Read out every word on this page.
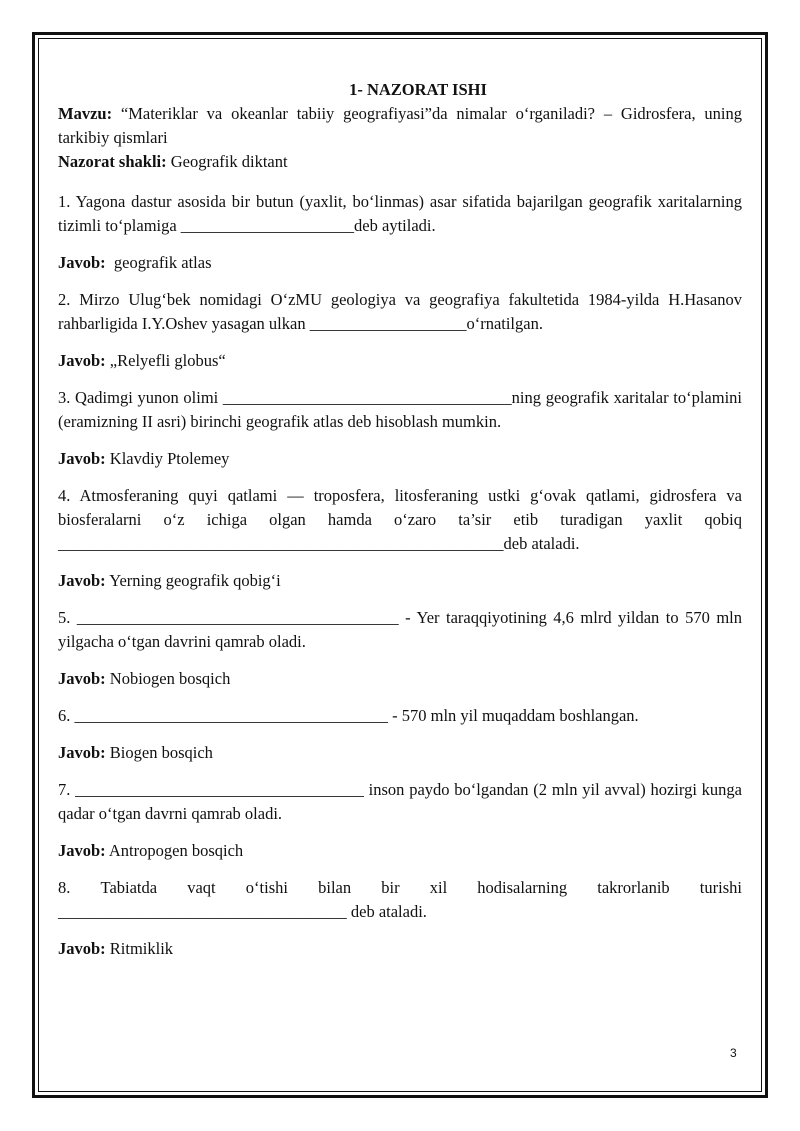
1- NAZORAT ISHI

Mavzu: “Materiklar va okeanlar tabiiy geografiyasi”da nimalar o‘rganiladi? – Gidrosfera, uning tarkibiy qismlari

Nazorat shakli: Geografik diktant

1. Yagona dastur asosida bir butun (yaxlit, bo‘linmas) asar sifatida bajarilgan geografik xaritalarning tizimli to‘plamiga _____________________deb aytiladi.

Javob: geografik atlas

2. Mirzo Ulug‘bek nomidagi O‘zMU geologiya va geografiya fakultetida 1984-yilda H.Hasanov rahbarligida I.Y.Oshev yasagan ulkan ___________________o‘rnatilgan.

Javob: „Relyefli globus“

3. Qadimgi yunon olimi ___________________________________ning geografik xaritalar to‘plamini (eramizning II asri) birinchi geografik atlas deb hisoblash mumkin.

Javob: Klavdiy Ptolemey

4. Atmosferaning quyi qatlami — troposfera, litosferaning ustki g‘ovak qatlami, gidrosfera va biosferalarni o‘z ichiga olgan hamda o‘zaro ta’sir etib turadigan yaxlit qobiq ______________________________________________________deb ataladi.

Javob: Yerning geografik qobig‘i

5. _______________________________________ - Yer taraqqiyotining 4,6 mlrd yildan to 570 mln yilgacha o‘tgan davrini qamrab oladi.

Javob: Nobiogen bosqich

6. ______________________________________ - 570 mln yil muqaddam boshlangan.

Javob: Biogen bosqich

7. ___________________________________ inson paydo bo‘lgandan (2 mln yil avval) hozirgi kunga qadar o‘tgan davrni qamrab oladi.

Javob: Antropogen bosqich

8. Tabiatda vaqt o‘tishi bilan bir xil hodisalarning takrorlanib turishi

___________________________________ deb ataladi.

Javob: Ritmiklik

3
